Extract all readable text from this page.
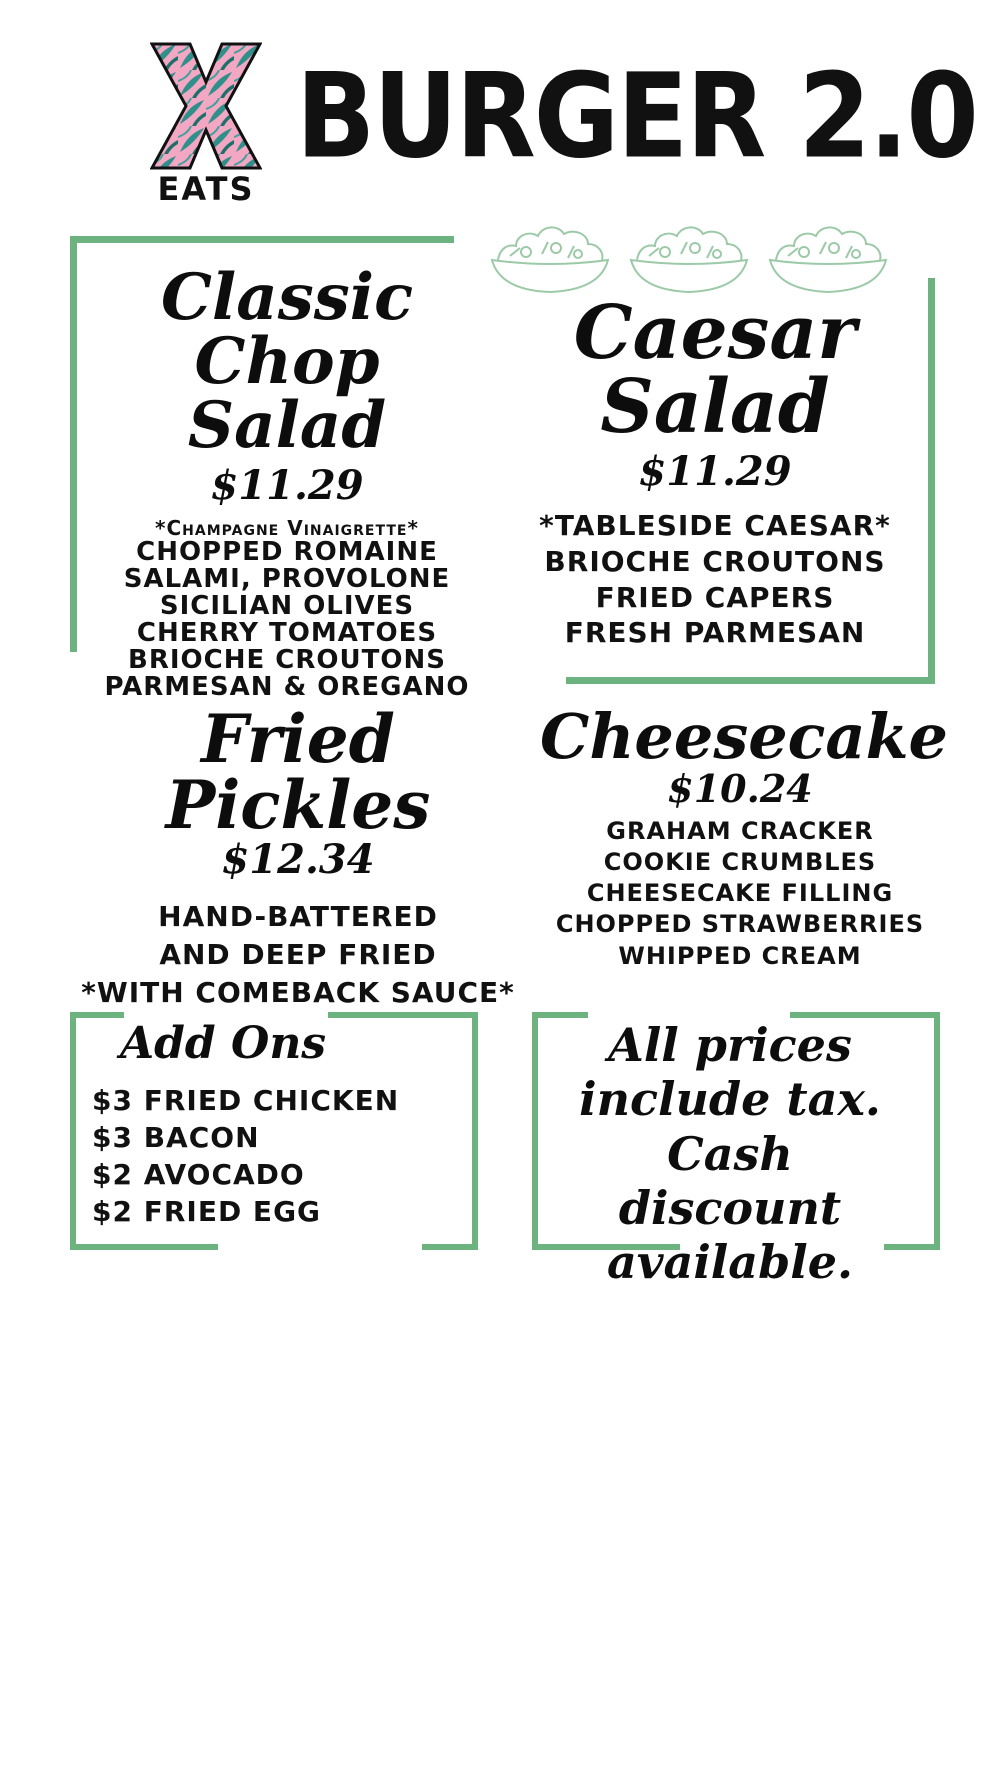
EATS
BURGER 2.0
Classic Chop
Salad
$11.29
*Champagne Vinaigrette*
CHOPPED ROMAINE
SALAMI, PROVOLONE
SICILIAN OLIVES
CHERRY TOMATOES
BRIOCHE CROUTONS
PARMESAN & OREGANO
Caesar
Salad
$11.29
*TABLESIDE CAESAR*
BRIOCHE CROUTONS
FRIED CAPERS
FRESH PARMESAN
Fried Pickles
$12.34
HAND-BATTERED
AND DEEP FRIED
*WITH COMEBACK SAUCE*
Cheesecake
$10.24
GRAHAM CRACKER
COOKIE CRUMBLES
CHEESECAKE FILLING
CHOPPED STRAWBERRIES
WHIPPED CREAM
Add Ons
$3 FRIED CHICKEN
$3 BACON
$2 AVOCADO
$2 FRIED EGG
All prices
include tax.
Cash discount
available.
